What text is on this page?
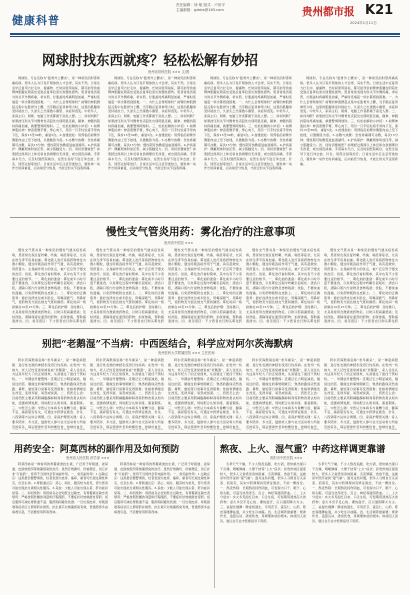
健康科普
责任编辑：徐 敏 版式：卢世平
主编邮箱：gzbbs@163.com	贵州都市报 K21
2024年1月11日
网球肘找东西就疼？轻松松解有妙招
贵州省骨科医院 ××× 文/图

网球肘，专业名称为“肱骨外上髁炎”，是一种常见的肘部疼痛疾病。很多人认为只有打网球的人才会得，其实不然。日常生活中反复用力拧毛巾、提重物、长时间使用鼠标，都可能导致前臂伸肌腱在附着处受到反复牵拉而出现慢性损伤。患者常常表现为肘关节外侧疼痛，拿东西、拧瓶盖时疼痛明显加重，严重时连端起一杯水都感到困难。一、为什么会得网球肘？前臂的伸肌群起点集中在肱骨外上髁，当手腕反复背伸用力时，这里的肌腱承受持续拉力，久而久之出现微小撕裂、炎症和退变。中老年人、家庭主妇、厨师、电脑工作者都属于高发人群。二、如何判断？如果按压肘关节外侧骨性突起处出现明显压痛，握拳、伸腕抗阻时疼痛加重，就要警惕网球肘。三、轻松松解的小妙招：1.前臂伸肌拉伸：伸直患侧手臂，掌心向下，用另一只手轻轻将手背向下压，保持15至30秒，重复5次。2.按揉放松：用拇指沿前臂外侧肌肉由上至下按揉，以微酸胀为度。3.冰敷与热敷：急性疼痛期可冰敷，每次15分钟；慢性期可热敷促进血液循环。4.护具保护：佩戴网球肘加压带，减少肌腱受力。四、何时需要就医？如果经过两周以上休息和自我调理仍无改善，或出现夜间痛、手部麻木无力，应及时到医院就诊，在医生指导下进行冲击波、针灸、局部注射等治疗。日常生活中应注意劳逸结合，避免单一动作长时间重复，运动前充分热身，才能让肘关节远离疼痛。

网球肘，专业名称为“肱骨外上髁炎”，是一种常见的肘部疼痛疾病。很多人认为只有打网球的人才会得，其实不然。日常生活中反复用力拧毛巾、提重物、长时间使用鼠标，都可能导致前臂伸肌腱在附着处受到反复牵拉而出现慢性损伤。患者常常表现为肘关节外侧疼痛，拿东西、拧瓶盖时疼痛明显加重，严重时连端起一杯水都感到困难。一、为什么会得网球肘？前臂的伸肌群起点集中在肱骨外上髁，当手腕反复背伸用力时，这里的肌腱承受持续拉力，久而久之出现微小撕裂、炎症和退变。中老年人、家庭主妇、厨师、电脑工作者都属于高发人群。二、如何判断？如果按压肘关节外侧骨性突起处出现明显压痛，握拳、伸腕抗阻时疼痛加重，就要警惕网球肘。三、轻松松解的小妙招：1.前臂伸肌拉伸：伸直患侧手臂，掌心向下，用另一只手轻轻将手背向下压，保持15至30秒，重复5次。2.按揉放松：用拇指沿前臂外侧肌肉由上至下按揉，以微酸胀为度。3.冰敷与热敷：急性疼痛期可冰敷，每次15分钟；慢性期可热敷促进血液循环。4.护具保护：佩戴网球肘加压带，减少肌腱受力。四、何时需要就医？如果经过两周以上休息和自我调理仍无改善，或出现夜间痛、手部麻木无力，应及时到医院就诊，在医生指导下进行冲击波、针灸、局部注射等治疗。日常生活中应注意劳逸结合，避免单一动作长时间重复，运动前充分热身，才能让肘关节远离疼痛。

网球肘，专业名称为“肱骨外上髁炎”，是一种常见的肘部疼痛疾病。很多人认为只有打网球的人才会得，其实不然。日常生活中反复用力拧毛巾、提重物、长时间使用鼠标，都可能导致前臂伸肌腱在附着处受到反复牵拉而出现慢性损伤。患者常常表现为肘关节外侧疼痛，拿东西、拧瓶盖时疼痛明显加重，严重时连端起一杯水都感到困难。一、为什么会得网球肘？前臂的伸肌群起点集中在肱骨外上髁，当手腕反复背伸用力时，这里的肌腱承受持续拉力，久而久之出现微小撕裂、炎症和退变。中老年人、家庭主妇、厨师、电脑工作者都属于高发人群。二、如何判断？如果按压肘关节外侧骨性突起处出现明显压痛，握拳、伸腕抗阻时疼痛加重，就要警惕网球肘。三、轻松松解的小妙招：1.前臂伸肌拉伸：伸直患侧手臂，掌心向下，用另一只手轻轻将手背向下压，保持15至30秒，重复5次。2.按揉放松：用拇指沿前臂外侧肌肉由上至下按揉，以微酸胀为度。3.冰敷与热敷：急性疼痛期可冰敷，每次15分钟；慢性期可热敷促进血液循环。4.护具保护：佩戴网球肘加压带，减少肌腱受力。四、何时需要就医？如果经过两周以上休息和自我调理仍无改善，或出现夜间痛、手部麻木无力，应及时到医院就诊，在医生指导下进行冲击波、针灸、局部注射等治疗。日常生活中应注意劳逸结合，避免单一动作长时间重复，运动前充分热身，才能让肘关节远离疼痛。

网球肘，专业名称为“肱骨外上髁炎”，是一种常见的肘部疼痛疾病。很多人认为只有打网球的人才会得，其实不然。日常生活中反复用力拧毛巾、提重物、长时间使用鼠标，都可能导致前臂伸肌腱在附着处受到反复牵拉而出现慢性损伤。患者常常表现为肘关节外侧疼痛，拿东西、拧瓶盖时疼痛明显加重，严重时连端起一杯水都感到困难。一、为什么会得网球肘？前臂的伸肌群起点集中在肱骨外上髁，当手腕反复背伸用力时，这里的肌腱承受持续拉力，久而久之出现微小撕裂、炎症和退变。中老年人、家庭主妇、厨师、电脑工作者都属于高发人群。二、如何判断？如果按压肘关节外侧骨性突起处出现明显压痛，握拳、伸腕抗阻时疼痛加重，就要警惕网球肘。三、轻松松解的小妙招：1.前臂伸肌拉伸：伸直患侧手臂，掌心向下，用另一只手轻轻将手背向下压，保持15至30秒，重复5次。2.按揉放松：用拇指沿前臂外侧肌肉由上至下按揉，以微酸胀为度。3.冰敷与热敷：急性疼痛期可冰敷，每次15分钟；慢性期可热敷促进血液循环。4.护具保护：佩戴网球肘加压带，减少肌腱受力。四、何时需要就医？如果经过两周以上休息和自我调理仍无改善，或出现夜间痛、手部麻木无力，应及时到医院就诊，在医生指导下进行冲击波、针灸、局部注射等治疗。日常生活中应注意劳逸结合，避免单一动作长时间重复，运动前充分热身，才能让肘关节远离疼痛。

慢性支气管炎用药：雾化治疗的注意事项
贵州省中医院 ×××

慢性支气管炎是一种常见的慢性气道炎症性疾病，患者常出现反复咳嗽、咳痰、喘息等症状，尤其在秋冬季节容易加重。雾化吸入治疗是将药物转化为微小颗粒，通过呼吸直接作用于气道，具有起效快、用药量小、全身副作用少的优点，被广泛应用于慢支的治疗。但是，雾化治疗看似简单，其中也有不少需要注意的细节。一、雾化前的准备：雾化前半小时尽量不要进食，以免雾化过程中咳嗽引起呕吐；清洁口腔，清除口腔内分泌物及食物残渣；洗脸，不要抹油性面霜，以免药物吸附在皮肤上。二、雾化时的正确姿势：最好选择坐位或半卧位，用嘴深吸气、用鼻呼气，使药物充分到达细支气管和肺部。雾化时间一般控制在10至15分钟。三、雾化后的护理：及时漱口，尤其是使用含激素类药物后，以防口腔真菌感染；及时洗脸，清除残留在面部的药物；拍背排痰，帮助痰液排出。四、常见误区：不少患者自行购买雾化药

慢性支气管炎是一种常见的慢性气道炎症性疾病，患者常出现反复咳嗽、咳痰、喘息等症状，尤其在秋冬季节容易加重。雾化吸入治疗是将药物转化为微小颗粒，通过呼吸直接作用于气道，具有起效快、用药量小、全身副作用少的优点，被广泛应用于慢支的治疗。但是，雾化治疗看似简单，其中也有不少需要注意的细节。一、雾化前的准备：雾化前半小时尽量不要进食，以免雾化过程中咳嗽引起呕吐；清洁口腔，清除口腔内分泌物及食物残渣；洗脸，不要抹油性面霜，以免药物吸附在皮肤上。二、雾化时的正确姿势：最好选择坐位或半卧位，用嘴深吸气、用鼻呼气，使药物充分到达细支气管和肺部。雾化时间一般控制在10至15分钟。三、雾化后的护理：及时漱口，尤其是使用含激素类药物后，以防口腔真菌感染；及时洗脸，清除残留在面部的药物；拍背排痰，帮助痰液排出。四、常见误区：不少患者自行购买雾化药

慢性支气管炎是一种常见的慢性气道炎症性疾病，患者常出现反复咳嗽、咳痰、喘息等症状，尤其在秋冬季节容易加重。雾化吸入治疗是将药物转化为微小颗粒，通过呼吸直接作用于气道，具有起效快、用药量小、全身副作用少的优点，被广泛应用于慢支的治疗。但是，雾化治疗看似简单，其中也有不少需要注意的细节。一、雾化前的准备：雾化前半小时尽量不要进食，以免雾化过程中咳嗽引起呕吐；清洁口腔，清除口腔内分泌物及食物残渣；洗脸，不要抹油性面霜，以免药物吸附在皮肤上。二、雾化时的正确姿势：最好选择坐位或半卧位，用嘴深吸气、用鼻呼气，使药物充分到达细支气管和肺部。雾化时间一般控制在10至15分钟。三、雾化后的护理：及时漱口，尤其是使用含激素类药物后，以防口腔真菌感染；及时洗脸，清除残留在面部的药物；拍背排痰，帮助痰液排出。四、常见误区：不少患者自行购买雾化药

慢性支气管炎是一种常见的慢性气道炎症性疾病，患者常出现反复咳嗽、咳痰、喘息等症状，尤其在秋冬季节容易加重。雾化吸入治疗是将药物转化为微小颗粒，通过呼吸直接作用于气道，具有起效快、用药量小、全身副作用少的优点，被广泛应用于慢支的治疗。但是，雾化治疗看似简单，其中也有不少需要注意的细节。一、雾化前的准备：雾化前半小时尽量不要进食，以免雾化过程中咳嗽引起呕吐；清洁口腔，清除口腔内分泌物及食物残渣；洗脸，不要抹油性面霜，以免药物吸附在皮肤上。二、雾化时的正确姿势：最好选择坐位或半卧位，用嘴深吸气、用鼻呼气，使药物充分到达细支气管和肺部。雾化时间一般控制在10至15分钟。三、雾化后的护理：及时漱口，尤其是使用含激素类药物后，以防口腔真菌感染；及时洗脸，清除残留在面部的药物；拍背排痰，帮助痰液排出。四、常见误区：不少患者自行购买雾化药

慢性支气管炎是一种常见的慢性气道炎症性疾病，患者常出现反复咳嗽、咳痰、喘息等症状，尤其在秋冬季节容易加重。雾化吸入治疗是将药物转化为微小颗粒，通过呼吸直接作用于气道，具有起效快、用药量小、全身副作用少的优点，被广泛应用于慢支的治疗。但是，雾化治疗看似简单，其中也有不少需要注意的细节。一、雾化前的准备：雾化前半小时尽量不要进食，以免雾化过程中咳嗽引起呕吐；清洁口腔，清除口腔内分泌物及食物残渣；洗脸，不要抹油性面霜，以免药物吸附在皮肤上。二、雾化时的正确姿势：最好选择坐位或半卧位，用嘴深吸气、用鼻呼气，使药物充分到达细支气管和肺部。雾化时间一般控制在10至15分钟。三、雾化后的护理：及时漱口，尤其是使用含激素类药物后，以防口腔真菌感染；及时洗脸，清除残留在面部的药物；拍背排痰，帮助痰液排出。四、常见误区：不少患者自行购买雾化药

别把“老鹅湿”不当病：中西医结合，科学应对阿尔茨海默病
贵州医科大学附属医院 ××× 主任医师

阿尔茨海默病俗称“老年痴呆”，是一种起病隐匿、进行性发展的神经系统退行性疾病。在贵州一些地方，老人记性变差常被说成“老鹅湿”，家人往往认为这是年纪大了的正常现象，从而错过了最佳干预时机。一、早期信号要警惕：近期记忆力明显减退，刚说过的话、刚做过的事转眼就忘；熟悉的路线突然迷路；算账、做饭等日常事务变得困难；性格和情绪发生改变，变得多疑、易怒或淡漠。二、西医怎么治：目前西医主要采用胆碱酯酶抑制剂等药物改善认知功能，延缓病情进展，同时配合认知训练、康复锻炼。三、中医怎么调：中医认为本病多与肾精亏虚、髓海不足、痰瘀阻窍有关，可通过中药辨证施治、针灸、八段锦等方法综合调理。四、家庭护理很关键：家人要多陪伴、多交流，鼓励老人参与社交活动和力所能及的家务，保证规律作息和均衡饮食，控制好血压、

阿尔茨海默病俗称“老年痴呆”，是一种起病隐匿、进行性发展的神经系统退行性疾病。在贵州一些地方，老人记性变差常被说成“老鹅湿”，家人往往认为这是年纪大了的正常现象，从而错过了最佳干预时机。一、早期信号要警惕：近期记忆力明显减退，刚说过的话、刚做过的事转眼就忘；熟悉的路线突然迷路；算账、做饭等日常事务变得困难；性格和情绪发生改变，变得多疑、易怒或淡漠。二、西医怎么治：目前西医主要采用胆碱酯酶抑制剂等药物改善认知功能，延缓病情进展，同时配合认知训练、康复锻炼。三、中医怎么调：中医认为本病多与肾精亏虚、髓海不足、痰瘀阻窍有关，可通过中药辨证施治、针灸、八段锦等方法综合调理。四、家庭护理很关键：家人要多陪伴、多交流，鼓励老人参与社交活动和力所能及的家务，保证规律作息和均衡饮食，控制好血压、

阿尔茨海默病俗称“老年痴呆”，是一种起病隐匿、进行性发展的神经系统退行性疾病。在贵州一些地方，老人记性变差常被说成“老鹅湿”，家人往往认为这是年纪大了的正常现象，从而错过了最佳干预时机。一、早期信号要警惕：近期记忆力明显减退，刚说过的话、刚做过的事转眼就忘；熟悉的路线突然迷路；算账、做饭等日常事务变得困难；性格和情绪发生改变，变得多疑、易怒或淡漠。二、西医怎么治：目前西医主要采用胆碱酯酶抑制剂等药物改善认知功能，延缓病情进展，同时配合认知训练、康复锻炼。三、中医怎么调：中医认为本病多与肾精亏虚、髓海不足、痰瘀阻窍有关，可通过中药辨证施治、针灸、八段锦等方法综合调理。四、家庭护理很关键：家人要多陪伴、多交流，鼓励老人参与社交活动和力所能及的家务，保证规律作息和均衡饮食，控制好血压、

阿尔茨海默病俗称“老年痴呆”，是一种起病隐匿、进行性发展的神经系统退行性疾病。在贵州一些地方，老人记性变差常被说成“老鹅湿”，家人往往认为这是年纪大了的正常现象，从而错过了最佳干预时机。一、早期信号要警惕：近期记忆力明显减退，刚说过的话、刚做过的事转眼就忘；熟悉的路线突然迷路；算账、做饭等日常事务变得困难；性格和情绪发生改变，变得多疑、易怒或淡漠。二、西医怎么治：目前西医主要采用胆碱酯酶抑制剂等药物改善认知功能，延缓病情进展，同时配合认知训练、康复锻炼。三、中医怎么调：中医认为本病多与肾精亏虚、髓海不足、痰瘀阻窍有关，可通过中药辨证施治、针灸、八段锦等方法综合调理。四、家庭护理很关键：家人要多陪伴、多交流，鼓励老人参与社交活动和力所能及的家务，保证规律作息和均衡饮食，控制好血压、

阿尔茨海默病俗称“老年痴呆”，是一种起病隐匿、进行性发展的神经系统退行性疾病。在贵州一些地方，老人记性变差常被说成“老鹅湿”，家人往往认为这是年纪大了的正常现象，从而错过了最佳干预时机。一、早期信号要警惕：近期记忆力明显减退，刚说过的话、刚做过的事转眼就忘；熟悉的路线突然迷路；算账、做饭等日常事务变得困难；性格和情绪发生改变，变得多疑、易怒或淡漠。二、西医怎么治：目前西医主要采用胆碱酯酶抑制剂等药物改善认知功能，延缓病情进展，同时配合认知训练、康复锻炼。三、中医怎么调：中医认为本病多与肾精亏虚、髓海不足、痰瘀阻窍有关，可通过中药辨证施治、针灸、八段锦等方法综合调理。四、家庭护理很关键：家人要多陪伴、多交流，鼓励老人参与社交活动和力所能及的家务，保证规律作息和均衡饮食，控制好血压、

用药安全：阿莫西林的副作用及如何预防
贵州省人民医院 药学部 ×××

阿莫西林是一种常用的青霉素类抗生素，广泛用于呼吸道、泌尿道、皮肤软组织等细菌感染的治疗。虽然疗效确切、价格便宜，但它并非“万能药”，使用不当同样会带来副作用。一、常见副作用：1.过敏反应：这是最需要警惕的，轻者表现为皮疹、瘙痒，重者可出现过敏性休克，危及生命。2.胃肠道反应：恶心、呕吐、腹泻较为常见，部分患者可能出现抗生素相关性腹泻。3.其他：少数人可能出现头晕、肝功能异常等。二、如何预防：用药前务必告知医生过敏史，有青霉素过敏史者禁用；严格按照医嘱的剂量和疗程服药，不要症状好转就擅自停药；饭后服用可减轻胃肠道不适；服药期间避免饮酒；一旦出现皮疹、呼吸困难等症状应立即停药并就医。抗生素只对细菌感染有效，普通感冒多由病毒引起，不需要使用阿莫西林。

阿莫西林是一种常用的青霉素类抗生素，广泛用于呼吸道、泌尿道、皮肤软组织等细菌感染的治疗。虽然疗效确切、价格便宜，但它并非“万能药”，使用不当同样会带来副作用。一、常见副作用：1.过敏反应：这是最需要警惕的，轻者表现为皮疹、瘙痒，重者可出现过敏性休克，危及生命。2.胃肠道反应：恶心、呕吐、腹泻较为常见，部分患者可能出现抗生素相关性腹泻。3.其他：少数人可能出现头晕、肝功能异常等。二、如何预防：用药前务必告知医生过敏史，有青霉素过敏史者禁用；严格按照医嘱的剂量和疗程服药，不要症状好转就擅自停药；饭后服用可减轻胃肠道不适；服药期间避免饮酒；一旦出现皮疹、呼吸困难等症状应立即停药并就医。抗生素只对细菌感染有效，普通感冒多由病毒引起，不需要使用阿莫西林。

熬夜、上火、湿气重？中药这样调更靠谱
贵阳市中医医院 ×××

冬季天气干燥，不少人熬夜追剧、吃火锅，很快就出现口干舌燥、咽喉肿痛、大便干结等“上火”症状；而贵州地区湿度较大，很多人又常感觉身体困重、舌苔厚腻、食欲不振，这就是中医所说的“湿气重”。面对这些问题，很多人习惯自行买凉茶、泡菊花，其实中药调理讲究辨证施治，不能一概而论。一、熬夜伤阴：长期熬夜耗伤阴血，可表现为口干、眼干、心烦失眠，可适当选用麦冬、百合、枸杞等滋阴养血。二、上火分虚实：实火多见面红目赤、口舌生疮，可短期用清热泻火的药物；虚火多见手足心热、潮热盗汗，应以滋阴降火为主。三、祛湿先健脾：脾虚则湿生，可用茯苓、薏苡仁、山药、陈皮等健脾祛湿，并少吃生冷油腻。四、生活调养最重要：规律作息、适量运动、清淡饮食，是调理体质的根本。体质因人而异，建议在专业中医师指导下用药。

冬季天气干燥，不少人熬夜追剧、吃火锅，很快就出现口干舌燥、咽喉肿痛、大便干结等“上火”症状；而贵州地区湿度较大，很多人又常感觉身体困重、舌苔厚腻、食欲不振，这就是中医所说的“湿气重”。面对这些问题，很多人习惯自行买凉茶、泡菊花，其实中药调理讲究辨证施治，不能一概而论。一、熬夜伤阴：长期熬夜耗伤阴血，可表现为口干、眼干、心烦失眠，可适当选用麦冬、百合、枸杞等滋阴养血。二、上火分虚实：实火多见面红目赤、口舌生疮，可短期用清热泻火的药物；虚火多见手足心热、潮热盗汗，应以滋阴降火为主。三、祛湿先健脾：脾虚则湿生，可用茯苓、薏苡仁、山药、陈皮等健脾祛湿，并少吃生冷油腻。四、生活调养最重要：规律作息、适量运动、清淡饮食，是调理体质的根本。体质因人而异，建议在专业中医师指导下用药。
